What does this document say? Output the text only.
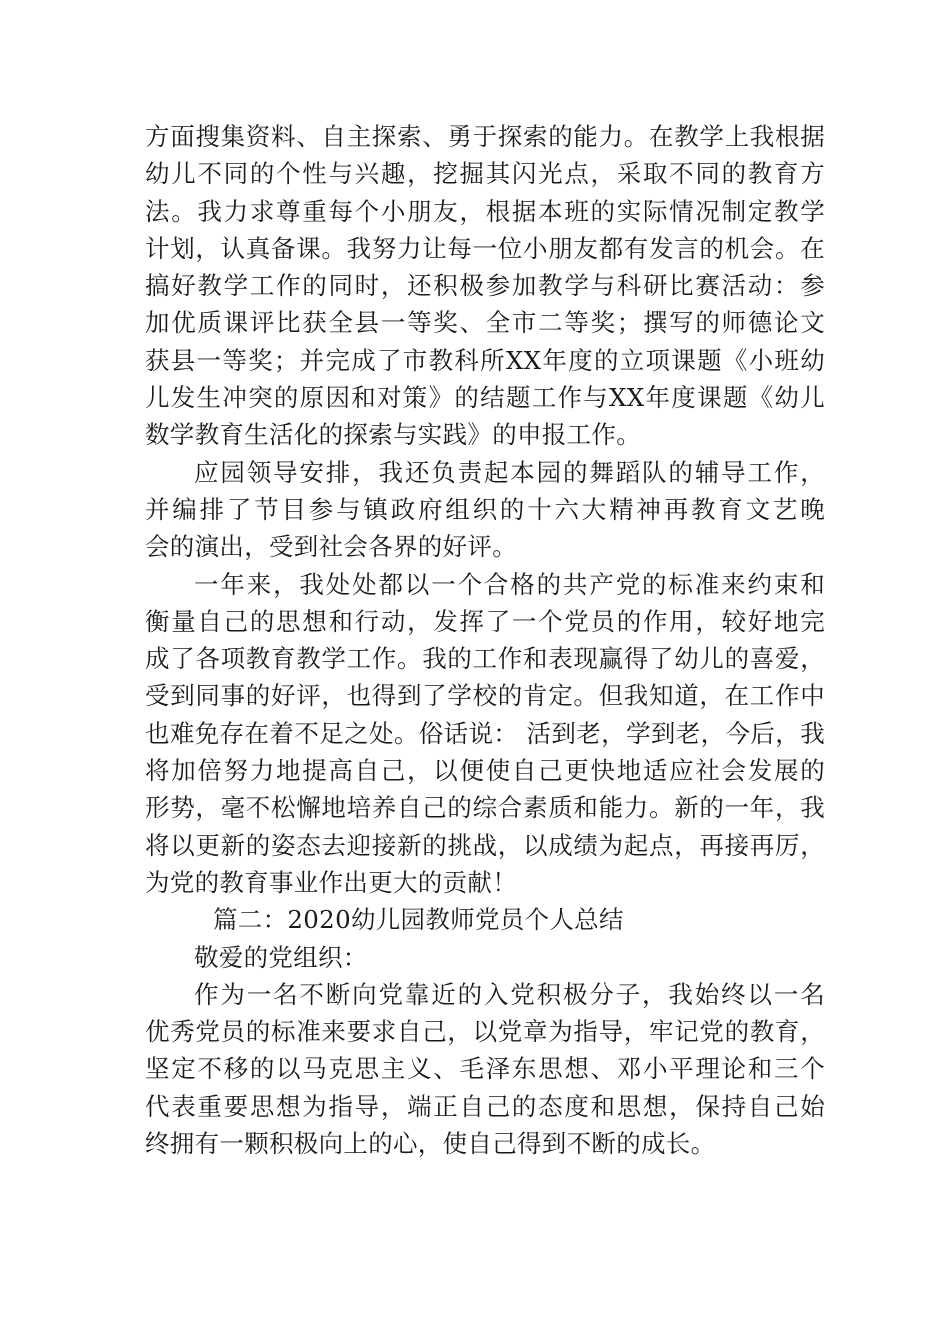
方面搜集资料、自主探索、勇于探索的能力。在教学上我根据
幼儿不同的个性与兴趣，挖掘其闪光点，采取不同的教育方
法。我力求尊重每个小朋友，根据本班的实际情况制定教学
计划，认真备课。我努力让每一位小朋友都有发言的机会。在
搞好教学工作的同时，还积极参加教学与科研比赛活动：参
加优质课评比获全县一等奖、全市二等奖；撰写的师德论文
获县一等奖；并完成了市教科所XX年度的立项课题《小班幼
儿发生冲突的原因和对策》的结题工作与XX年度课题《幼儿
数学教育生活化的探索与实践》的申报工作。
应园领导安排，我还负责起本园的舞蹈队的辅导工作，
并编排了节目参与镇政府组织的十六大精神再教育文艺晚
会的演出，受到社会各界的好评。
一年来，我处处都以一个合格的共产党的标准来约束和
衡量自己的思想和行动，发挥了一个党员的作用，较好地完
成了各项教育教学工作。我的工作和表现赢得了幼儿的喜爱，
受到同事的好评，也得到了学校的肯定。但我知道，在工作中
也难免存在着不足之处。俗话说： 活到老，学到老，今后，我
将加倍努力地提高自己，以便使自己更快地适应社会发展的
形势，毫不松懈地培养自己的综合素质和能力。新的一年，我
将以更新的姿态去迎接新的挑战，以成绩为起点，再接再厉，
为党的教育事业作出更大的贡献！
篇二：2020幼儿园教师党员个人总结
敬爱的党组织：
作为一名不断向党靠近的入党积极分子，我始终以一名
优秀党员的标准来要求自己，以党章为指导，牢记党的教育，
坚定不移的以马克思主义、毛泽东思想、邓小平理论和三个
代表重要思想为指导，端正自己的态度和思想，保持自己始
终拥有一颗积极向上的心，使自己得到不断的成长。
